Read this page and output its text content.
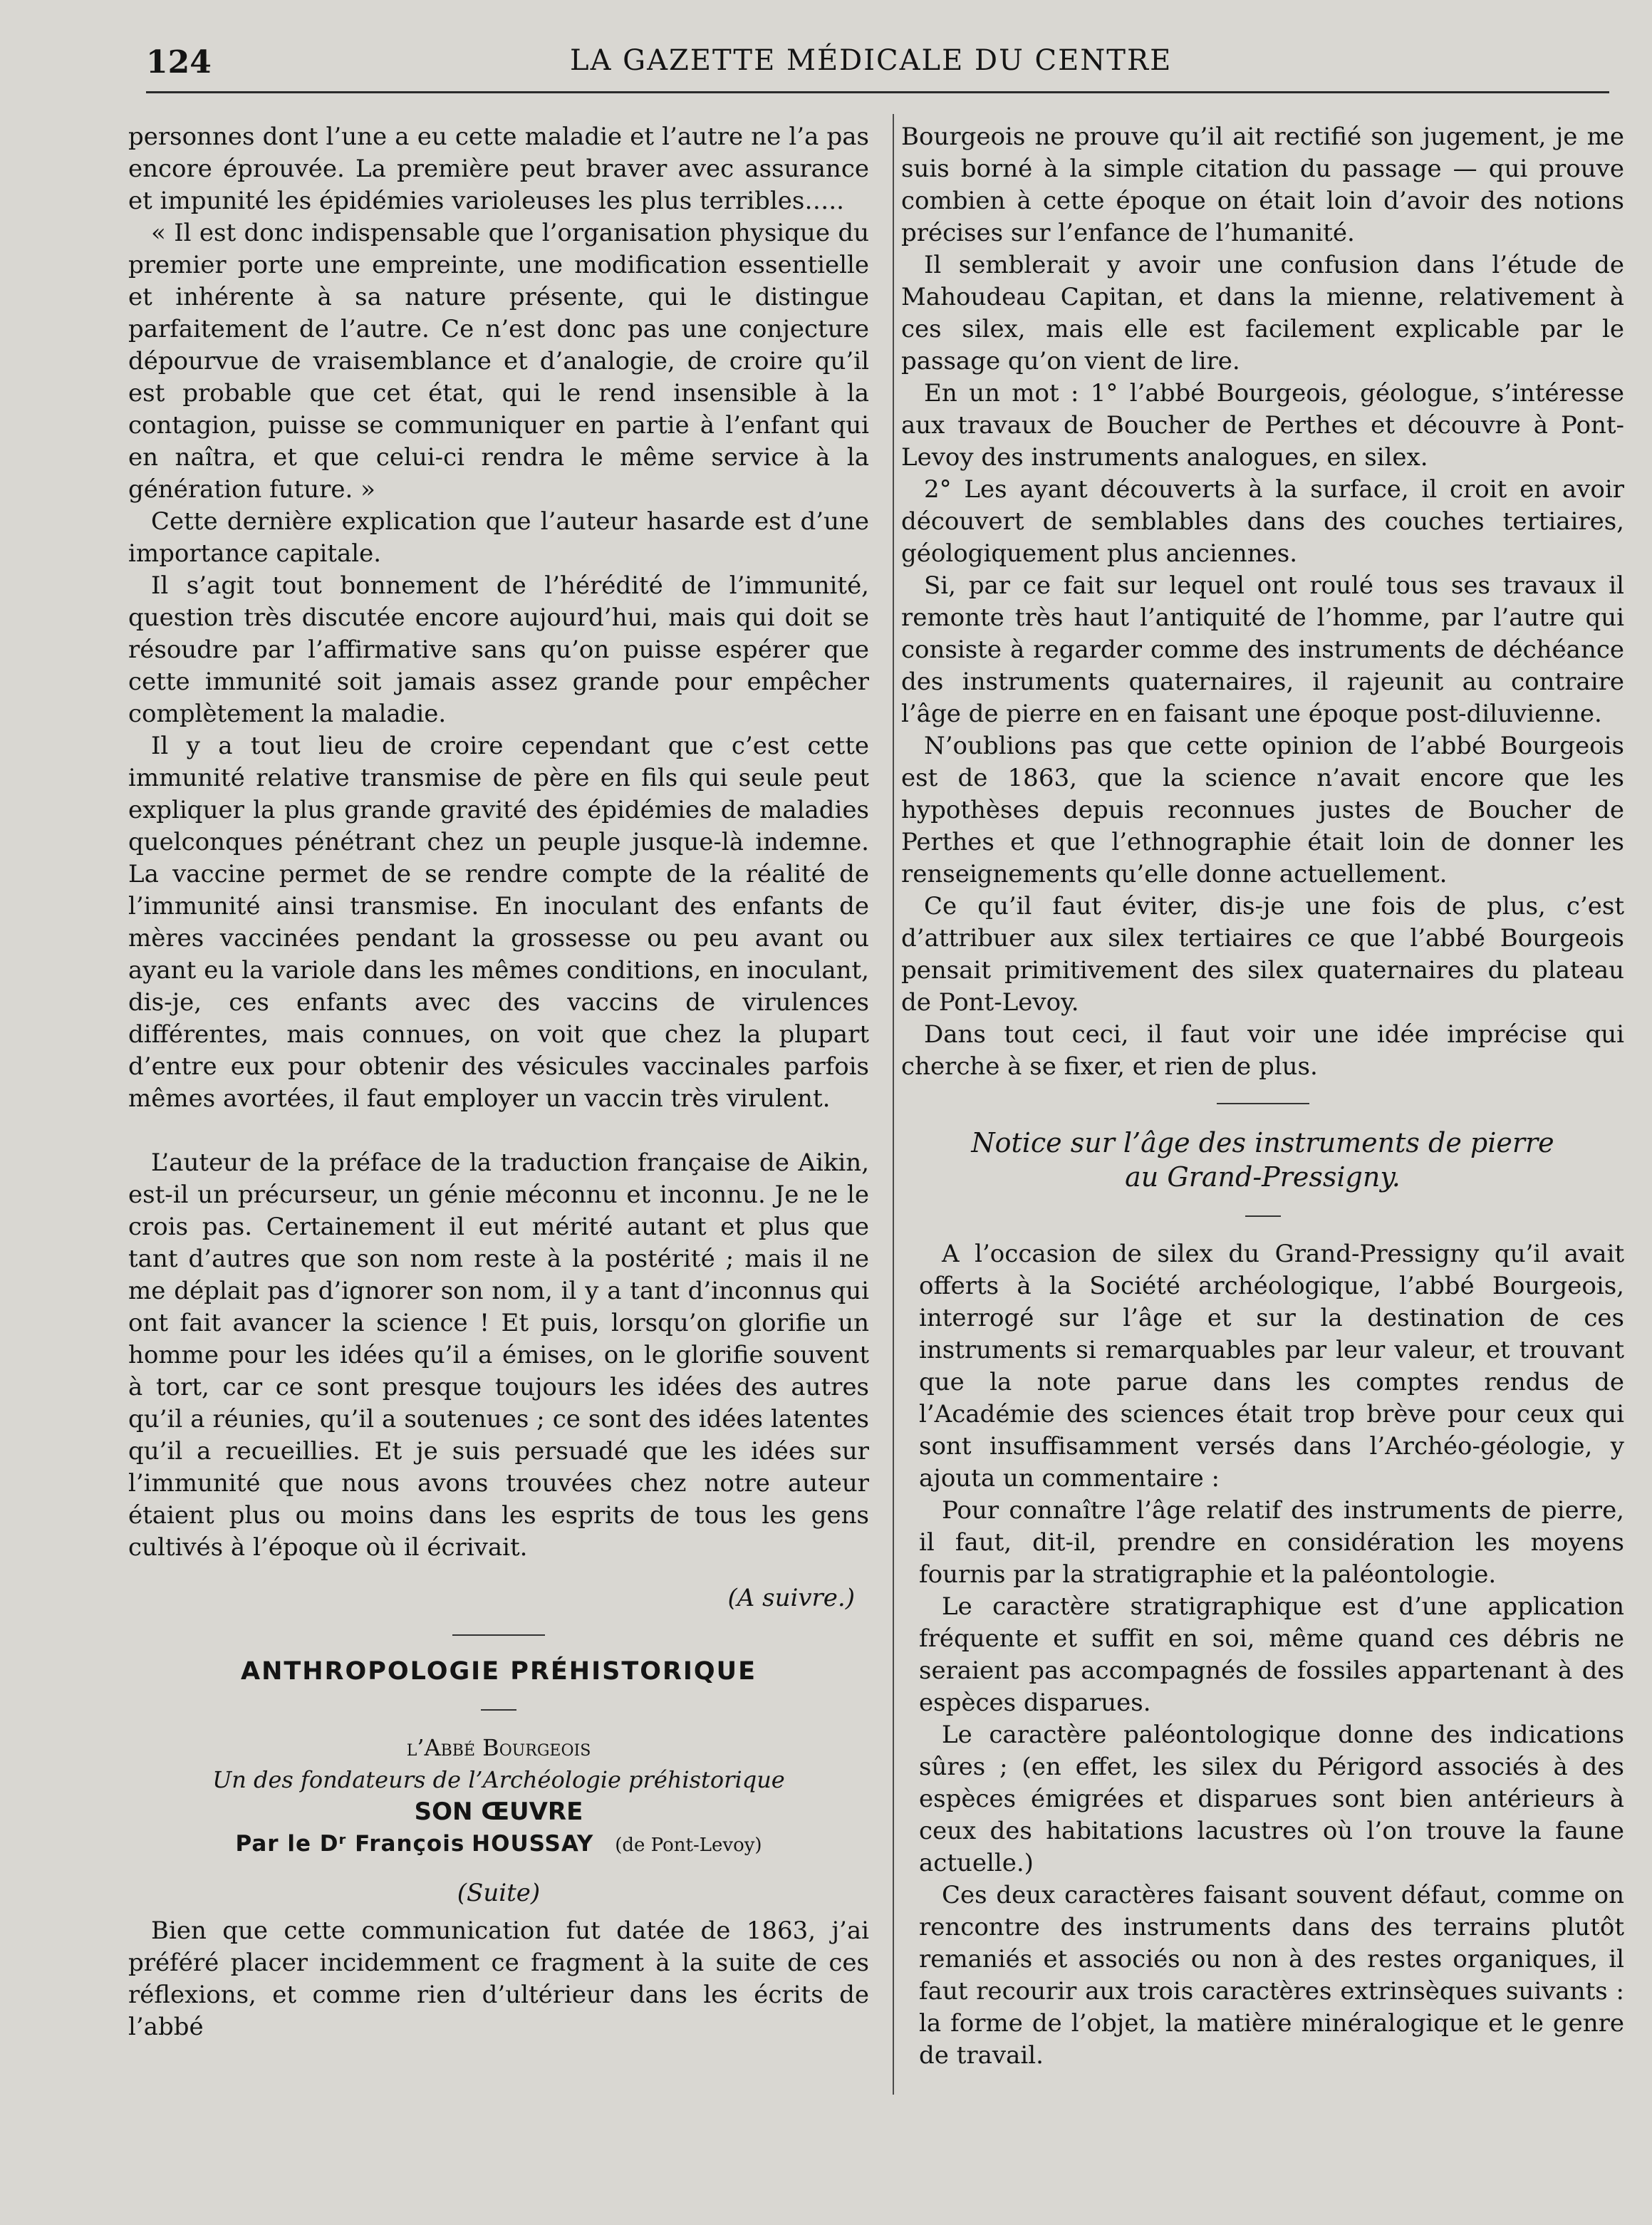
124	LA GAZETTE MÉDICALE DU CENTRE

personnes dont l’une a eu cette maladie et l’autre ne l’a pas encore éprouvée. La première peut braver avec assurance et impunité les épidémies varioleuses les plus terribles…..

« Il est donc indispensable que l’organisation physique du premier porte une empreinte, une modification essentielle et inhérente à sa nature présente, qui le distingue parfaitement de l’autre. Ce n’est donc pas une conjecture dépourvue de vraisemblance et d’analogie, de croire qu’il est probable que cet état, qui le rend insensible à la contagion, puisse se communiquer en partie à l’enfant qui en naîtra, et que celui-ci rendra le même service à la génération future. »

Cette dernière explication que l’auteur hasarde est d’une importance capitale.

Il s’agit tout bonnement de l’hérédité de l’immunité, question très discutée encore aujourd’hui, mais qui doit se résoudre par l’affirmative sans qu’on puisse espérer que cette immunité soit jamais assez grande pour empêcher complètement la maladie.

Il y a tout lieu de croire cependant que c’est cette immunité relative transmise de père en fils qui seule peut expliquer la plus grande gravité des épidémies de maladies quelconques pénétrant chez un peuple jusque-là indemne. La vaccine permet de se rendre compte de la réalité de l’immunité ainsi transmise. En inoculant des enfants de mères vaccinées pendant la grossesse ou peu avant ou ayant eu la variole dans les mêmes conditions, en inoculant, dis-je, ces enfants avec des vaccins de virulences différentes, mais connues, on voit que chez la plupart d’entre eux pour obtenir des vésicules vaccinales parfois mêmes avortées, il faut employer un vaccin très virulent.

L’auteur de la préface de la traduction française de Aikin, est-il un précurseur, un génie méconnu et inconnu. Je ne le crois pas. Certainement il eut mérité autant et plus que tant d’autres que son nom reste à la postérité ; mais il ne me déplait pas d’ignorer son nom, il y a tant d’inconnus qui ont fait avancer la science ! Et puis, lorsqu’on glorifie un homme pour les idées qu’il a émises, on le glorifie souvent à tort, car ce sont presque toujours les idées des autres qu’il a réunies, qu’il a soutenues ; ce sont des idées latentes qu’il a recueillies. Et je suis persuadé que les idées sur l’immunité que nous avons trouvées chez notre auteur étaient plus ou moins dans les esprits de tous les gens cultivés à l’époque où il écrivait.

(A suivre.)
ANTHROPOLOGIE PRÉHISTORIQUE
l’Abbé Bourgeois
Un des fondateurs de l’Archéologie préhistorique
SON ŒUVRE
Par le Dʳ François HOUSSAY (de Pont-Levoy)
(Suite)

Bien que cette communication fut datée de 1863, j’ai préféré placer incidemment ce fragment à la suite de ces réflexions, et comme rien d’ultérieur dans les écrits de l’abbé

Bourgeois ne prouve qu’il ait rectifié son jugement, je me suis borné à la simple citation du passage — qui prouve combien à cette époque on était loin d’avoir des notions précises sur l’enfance de l’humanité.

Il semblerait y avoir une confusion dans l’étude de Mahoudeau Capitan, et dans la mienne, relativement à ces silex, mais elle est facilement explicable par le passage qu’on vient de lire.

En un mot : 1° l’abbé Bourgeois, géologue, s’intéresse aux travaux de Boucher de Perthes et découvre à Pont-Levoy des instruments analogues, en silex.

2° Les ayant découverts à la surface, il croit en avoir découvert de semblables dans des couches tertiaires, géologiquement plus anciennes.

Si, par ce fait sur lequel ont roulé tous ses travaux il remonte très haut l’antiquité de l’homme, par l’autre qui consiste à regarder comme des instruments de déchéance des instruments quaternaires, il rajeunit au contraire l’âge de pierre en en faisant une époque post-diluvienne.

N’oublions pas que cette opinion de l’abbé Bourgeois est de 1863, que la science n’avait encore que les hypothèses depuis reconnues justes de Boucher de Perthes et que l’ethnographie était loin de donner les renseignements qu’elle donne actuellement.

Ce qu’il faut éviter, dis-je une fois de plus, c’est d’attribuer aux silex tertiaires ce que l’abbé Bourgeois pensait primitivement des silex quaternaires du plateau de Pont-Levoy.

Dans tout ceci, il faut voir une idée imprécise qui cherche à se fixer, et rien de plus.

Notice sur l’âge des instruments de pierre
au Grand-Pressigny.

A l’occasion de silex du Grand-Pressigny qu’il avait offerts à la Société archéologique, l’abbé Bourgeois, interrogé sur l’âge et sur la destination de ces instruments si remarquables par leur valeur, et trouvant que la note parue dans les comptes rendus de l’Académie des sciences était trop brève pour ceux qui sont insuffisamment versés dans l’Archéo-géologie, y ajouta un commentaire :

Pour connaître l’âge relatif des instruments de pierre, il faut, dit-il, prendre en considération les moyens fournis par la stratigraphie et la paléontologie.

Le caractère stratigraphique est d’une application fréquente et suffit en soi, même quand ces débris ne seraient pas accompagnés de fossiles appartenant à des espèces disparues.

Le caractère paléontologique donne des indications sûres ; (en effet, les silex du Périgord associés à des espèces émigrées et disparues sont bien antérieurs à ceux des habitations lacustres où l’on trouve la faune actuelle.)

Ces deux caractères faisant souvent défaut, comme on rencontre des instruments dans des terrains plutôt remaniés et associés ou non à des restes organiques, il faut recourir aux trois caractères extrinsèques suivants : la forme de l’objet, la matière minéralogique et le genre de travail.
